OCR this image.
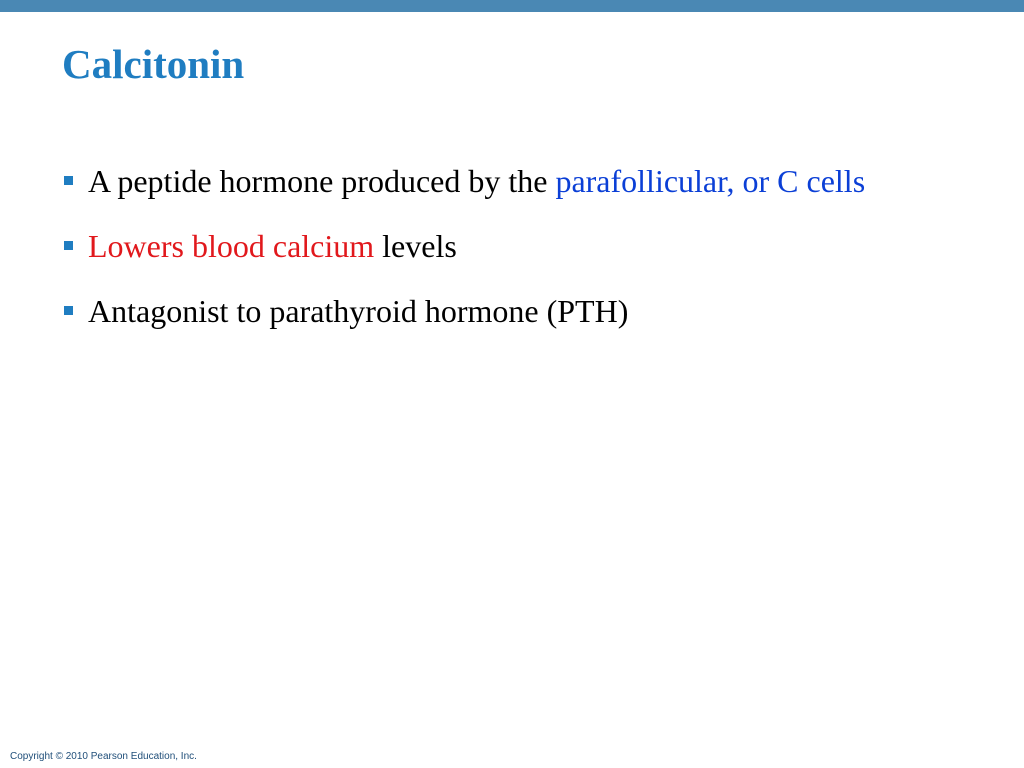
Calcitonin
A peptide hormone produced by the parafollicular, or C cells
Lowers blood calcium levels
Antagonist to parathyroid hormone (PTH)
Copyright © 2010 Pearson Education, Inc.
